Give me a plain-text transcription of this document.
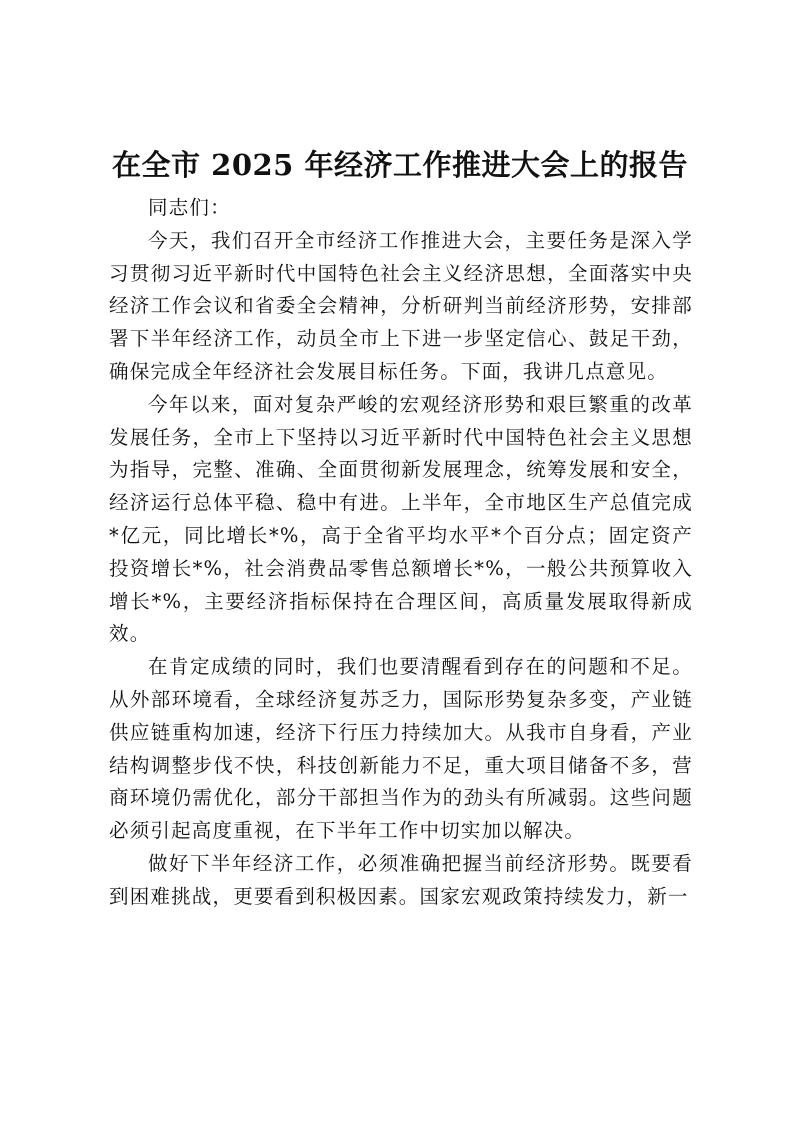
在全市 2025 年经济工作推进大会上的报告

同志们：

今天，我们召开全市经济工作推进大会，主要任务是深入学习贯彻习近平新时代中国特色社会主义经济思想，全面落实中央经济工作会议和省委全会精神，分析研判当前经济形势，安排部署下半年经济工作，动员全市上下进一步坚定信心、鼓足干劲，确保完成全年经济社会发展目标任务。下面，我讲几点意见。

今年以来，面对复杂严峻的宏观经济形势和艰巨繁重的改革发展任务，全市上下坚持以习近平新时代中国特色社会主义思想为指导，完整、准确、全面贯彻新发展理念，统筹发展和安全，经济运行总体平稳、稳中有进。上半年，全市地区生产总值完成*亿元，同比增长*%，高于全省平均水平*个百分点；固定资产投资增长*%，社会消费品零售总额增长*%，一般公共预算收入增长*%，主要经济指标保持在合理区间，高质量发展取得新成效。

在肯定成绩的同时，我们也要清醒看到存在的问题和不足。从外部环境看，全球经济复苏乏力，国际形势复杂多变，产业链供应链重构加速，经济下行压力持续加大。从我市自身看，产业结构调整步伐不快，科技创新能力不足，重大项目储备不多，营商环境仍需优化，部分干部担当作为的劲头有所减弱。这些问题必须引起高度重视，在下半年工作中切实加以解决。

做好下半年经济工作，必须准确把握当前经济形势。既要看到困难挑战，更要看到积极因素。国家宏观政策持续发力，新一
